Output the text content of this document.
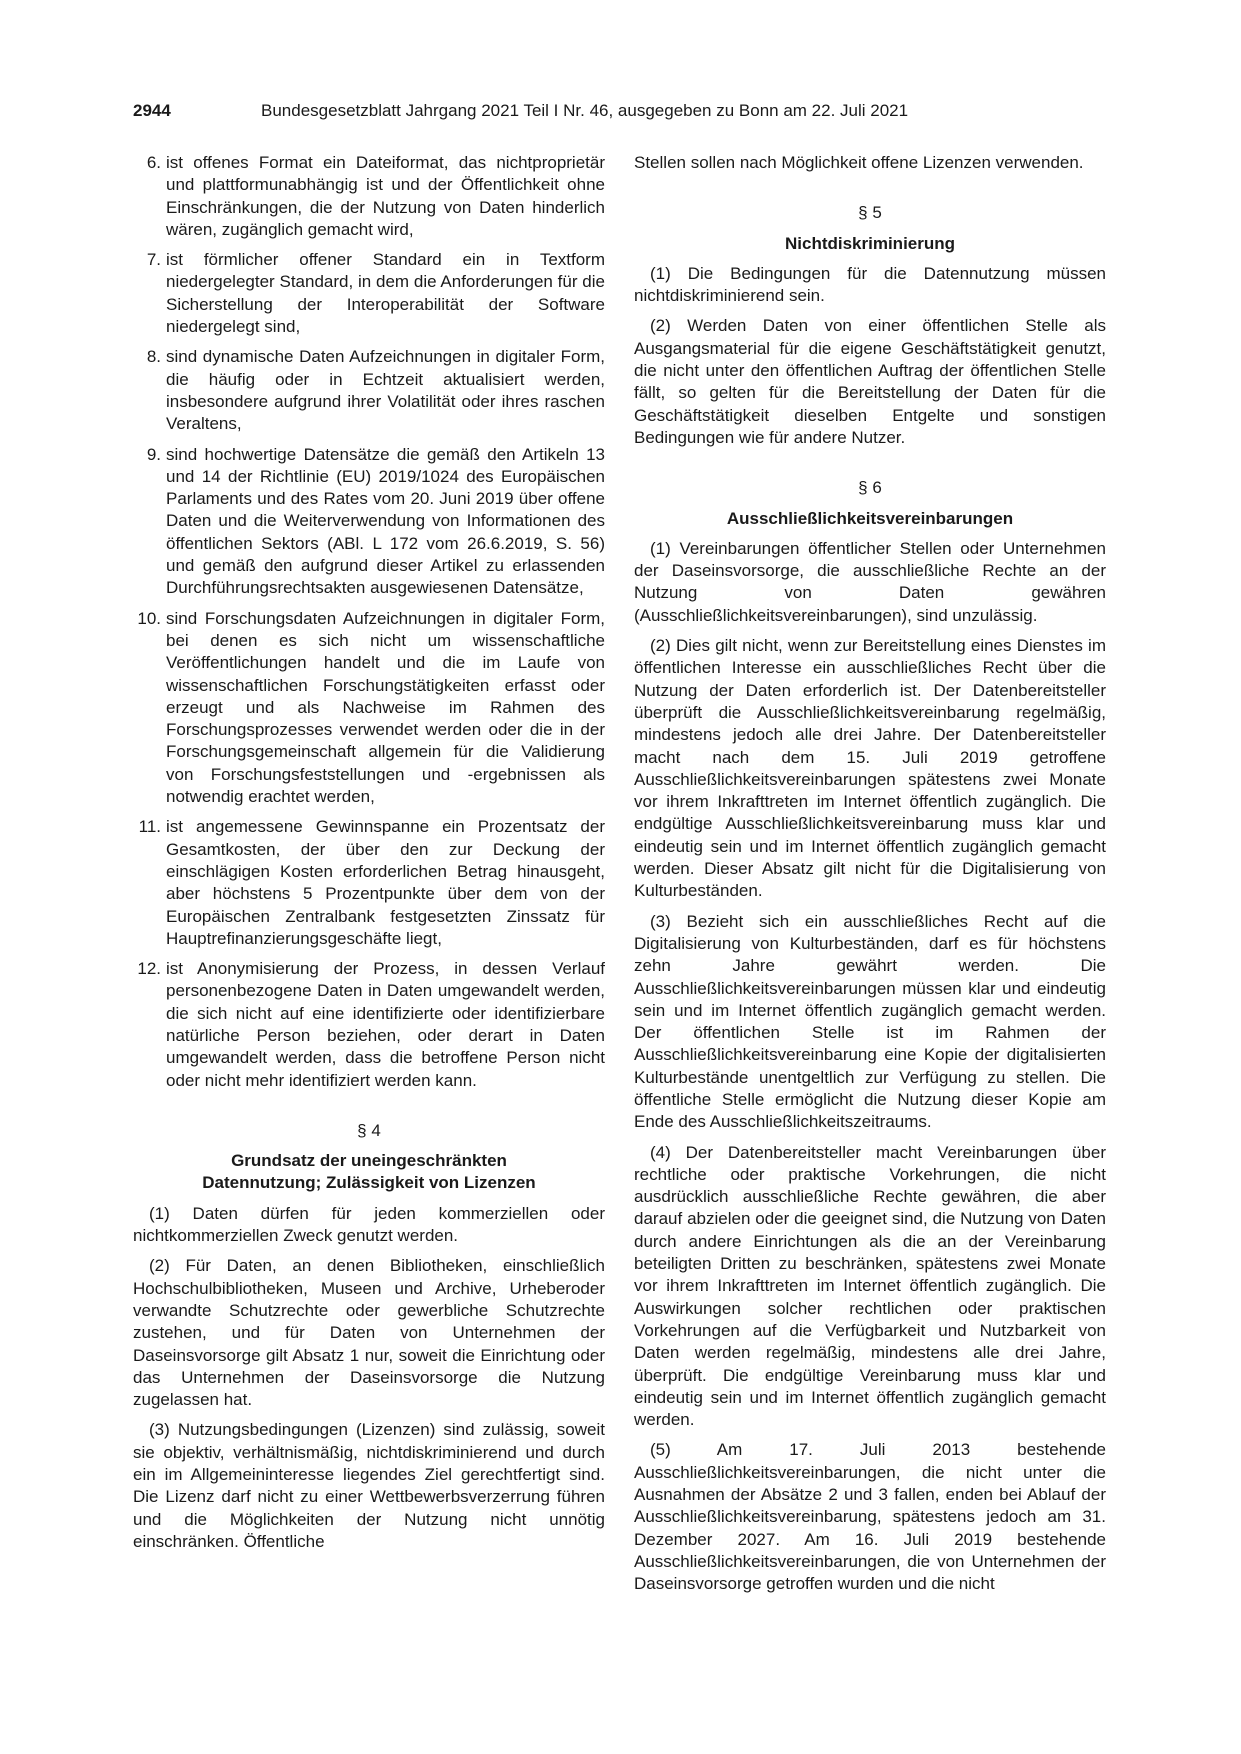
2944	Bundesgesetzblatt Jahrgang 2021 Teil I Nr. 46, ausgegeben zu Bonn am 22. Juli 2021
6. ist offenes Format ein Dateiformat, das nichtproprietär und plattformunabhängig ist und der Öffentlichkeit ohne Einschränkungen, die der Nutzung von Daten hinderlich wären, zugänglich gemacht wird,
7. ist förmlicher offener Standard ein in Textform niedergelegter Standard, in dem die Anforderungen für die Sicherstellung der Interoperabilität der Software niedergelegt sind,
8. sind dynamische Daten Aufzeichnungen in digitaler Form, die häufig oder in Echtzeit aktualisiert werden, insbesondere aufgrund ihrer Volatilität oder ihres raschen Veraltens,
9. sind hochwertige Datensätze die gemäß den Artikeln 13 und 14 der Richtlinie (EU) 2019/1024 des Europäischen Parlaments und des Rates vom 20. Juni 2019 über offene Daten und die Weiterverwendung von Informationen des öffentlichen Sektors (ABl. L 172 vom 26.6.2019, S. 56) und gemäß den aufgrund dieser Artikel zu erlassenden Durchführungsrechtsakten ausgewiesenen Datensätze,
10. sind Forschungsdaten Aufzeichnungen in digitaler Form, bei denen es sich nicht um wissenschaftliche Veröffentlichungen handelt und die im Laufe von wissenschaftlichen Forschungstätigkeiten erfasst oder erzeugt und als Nachweise im Rahmen des Forschungsprozesses verwendet werden oder die in der Forschungsgemeinschaft allgemein für die Validierung von Forschungsfeststellungen und -ergebnissen als notwendig erachtet werden,
11. ist angemessene Gewinnspanne ein Prozentsatz der Gesamtkosten, der über den zur Deckung der einschlägigen Kosten erforderlichen Betrag hinausgeht, aber höchstens 5 Prozentpunkte über dem von der Europäischen Zentralbank festgesetzten Zinssatz für Hauptrefinanzierungsgeschäfte liegt,
12. ist Anonymisierung der Prozess, in dessen Verlauf personenbezogene Daten in Daten umgewandelt werden, die sich nicht auf eine identifizierte oder identifizierbare natürliche Person beziehen, oder derart in Daten umgewandelt werden, dass die betroffene Person nicht oder nicht mehr identifiziert werden kann.
§ 4
Grundsatz der uneingeschränkten
Datennutzung; Zulässigkeit von Lizenzen

(1) Daten dürfen für jeden kommerziellen oder nichtkommerziellen Zweck genutzt werden.

(2) Für Daten, an denen Bibliotheken, einschließlich Hochschulbibliotheken, Museen und Archive, Urheberoder verwandte Schutzrechte oder gewerbliche Schutzrechte zustehen, und für Daten von Unternehmen der Daseinsvorsorge gilt Absatz 1 nur, soweit die Einrichtung oder das Unternehmen der Daseinsvorsorge die Nutzung zugelassen hat.

(3) Nutzungsbedingungen (Lizenzen) sind zulässig, soweit sie objektiv, verhältnismäßig, nichtdiskriminierend und durch ein im Allgemeininteresse liegendes Ziel gerechtfertigt sind. Die Lizenz darf nicht zu einer Wettbewerbsverzerrung führen und die Möglichkeiten der Nutzung nicht unnötig einschränken. Öffentliche

Stellen sollen nach Möglichkeit offene Lizenzen verwenden.

§ 5
Nichtdiskriminierung

(1) Die Bedingungen für die Datennutzung müssen nichtdiskriminierend sein.

(2) Werden Daten von einer öffentlichen Stelle als Ausgangsmaterial für die eigene Geschäftstätigkeit genutzt, die nicht unter den öffentlichen Auftrag der öffentlichen Stelle fällt, so gelten für die Bereitstellung der Daten für die Geschäftstätigkeit dieselben Entgelte und sonstigen Bedingungen wie für andere Nutzer.

§ 6
Ausschließlichkeitsvereinbarungen

(1) Vereinbarungen öffentlicher Stellen oder Unternehmen der Daseinsvorsorge, die ausschließliche Rechte an der Nutzung von Daten gewähren (Ausschließlichkeitsvereinbarungen), sind unzulässig.

(2) Dies gilt nicht, wenn zur Bereitstellung eines Dienstes im öffentlichen Interesse ein ausschließliches Recht über die Nutzung der Daten erforderlich ist. Der Datenbereitsteller überprüft die Ausschließlichkeitsvereinbarung regelmäßig, mindestens jedoch alle drei Jahre. Der Datenbereitsteller macht nach dem 15. Juli 2019 getroffene Ausschließlichkeitsvereinbarungen spätestens zwei Monate vor ihrem Inkrafttreten im Internet öffentlich zugänglich. Die endgültige Ausschließlichkeitsvereinbarung muss klar und eindeutig sein und im Internet öffentlich zugänglich gemacht werden. Dieser Absatz gilt nicht für die Digitalisierung von Kulturbeständen.

(3) Bezieht sich ein ausschließliches Recht auf die Digitalisierung von Kulturbeständen, darf es für höchstens zehn Jahre gewährt werden. Die Ausschließlichkeitsvereinbarungen müssen klar und eindeutig sein und im Internet öffentlich zugänglich gemacht werden. Der öffentlichen Stelle ist im Rahmen der Ausschließlichkeitsvereinbarung eine Kopie der digitalisierten Kulturbestände unentgeltlich zur Verfügung zu stellen. Die öffentliche Stelle ermöglicht die Nutzung dieser Kopie am Ende des Ausschließlichkeitszeitraums.

(4) Der Datenbereitsteller macht Vereinbarungen über rechtliche oder praktische Vorkehrungen, die nicht ausdrücklich ausschließliche Rechte gewähren, die aber darauf abzielen oder die geeignet sind, die Nutzung von Daten durch andere Einrichtungen als die an der Vereinbarung beteiligten Dritten zu beschränken, spätestens zwei Monate vor ihrem Inkrafttreten im Internet öffentlich zugänglich. Die Auswirkungen solcher rechtlichen oder praktischen Vorkehrungen auf die Verfügbarkeit und Nutzbarkeit von Daten werden regelmäßig, mindestens alle drei Jahre, überprüft. Die endgültige Vereinbarung muss klar und eindeutig sein und im Internet öffentlich zugänglich gemacht werden.

(5) Am 17. Juli 2013 bestehende Ausschließlichkeitsvereinbarungen, die nicht unter die Ausnahmen der Absätze 2 und 3 fallen, enden bei Ablauf der Ausschließlichkeitsvereinbarung, spätestens jedoch am 31. Dezember 2027. Am 16. Juli 2019 bestehende Ausschließlichkeitsvereinbarungen, die von Unternehmen der Daseinsvorsorge getroffen wurden und die nicht
